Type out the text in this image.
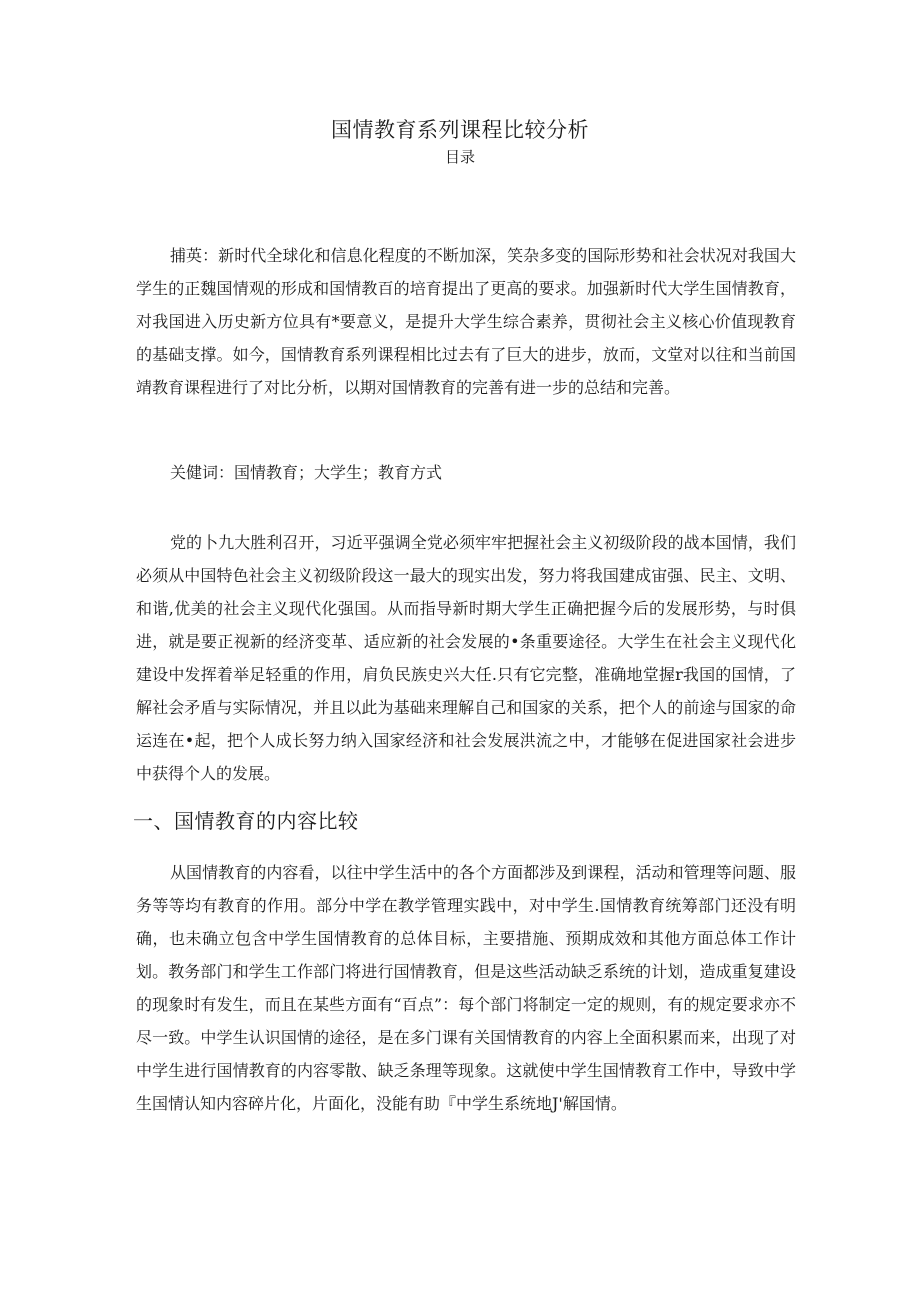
国情教育系列课程比较分析
目录

捕英：新时代全球化和信息化程度的不断加深，笑杂多变的国际形势和社会状况对我国大学生的正魏国情观的形成和国情教百的培育提出了更高的要求。加强新时代大学生国情教育，对我国进入历史新方位具有*要意义，是提升大学生综合素养，贯彻社会主义核心价值现教育的基础支撑。如今，国情教育系列课程相比过去有了巨大的进步，放而，文堂对以往和当前国靖教育课程进行了对比分析，以期对国情教育的完善有进一步的总结和完善。

关健词：国情教育；大学生；教育方式

党的卜九大胜利召开，习近平强调全党必须牢牢把握社会主义初级阶段的战本国情，我们必须从中国特色社会主义初级阶段这一最大的现实出发，努力将我国建成宙强、民主、文明、和谐,优美的社会主义现代化强国。从而指导新时期大学生正确把握今后的发展形势，与时俱进，就是要正视新的经济变革、适应新的社会发展的•条重要途径。大学生在社会主义现代化建设中发挥着举足轻重的作用，肩负民族史兴大任.只有它完整，准确地堂握r我国的国情，了解社会矛盾与实际情况，并且以此为基础来理解自己和国家的关系，把个人的前途与国家的命运连在•起，把个人成长努力纳入国家经济和社会发展洪流之中，才能够在促进国家社会进步中获得个人的发展。

一、国情教育的内容比较

从国情教育的内容看，以往中学生活中的各个方面都涉及到课程，活动和管理等问题、服务等等均有教育的作用。部分中学在教学管理实践中，对中学生.国情教育统筹部门还没有明确，也未确立包含中学生国情教育的总体目标，主要措施、预期成效和其他方面总体工作计划。教务部门和学生工作部门将进行国情教育，但是这些活动缺乏系统的计划，造成重复建设的现象时有发生，而且在某些方面有“百点”：每个部门将制定一定的规则，有的规定要求亦不尽一致。中学生认识国情的途径，是在多门课有关国情教育的内容上全面积累而来，出现了对中学生进行国情教育的内容零散、缺乏条理等现象。这就使中学生国情教育工作中，导致中学生国情认知内容碎片化，片面化，没能有助『中学生系统地J'解国情。
